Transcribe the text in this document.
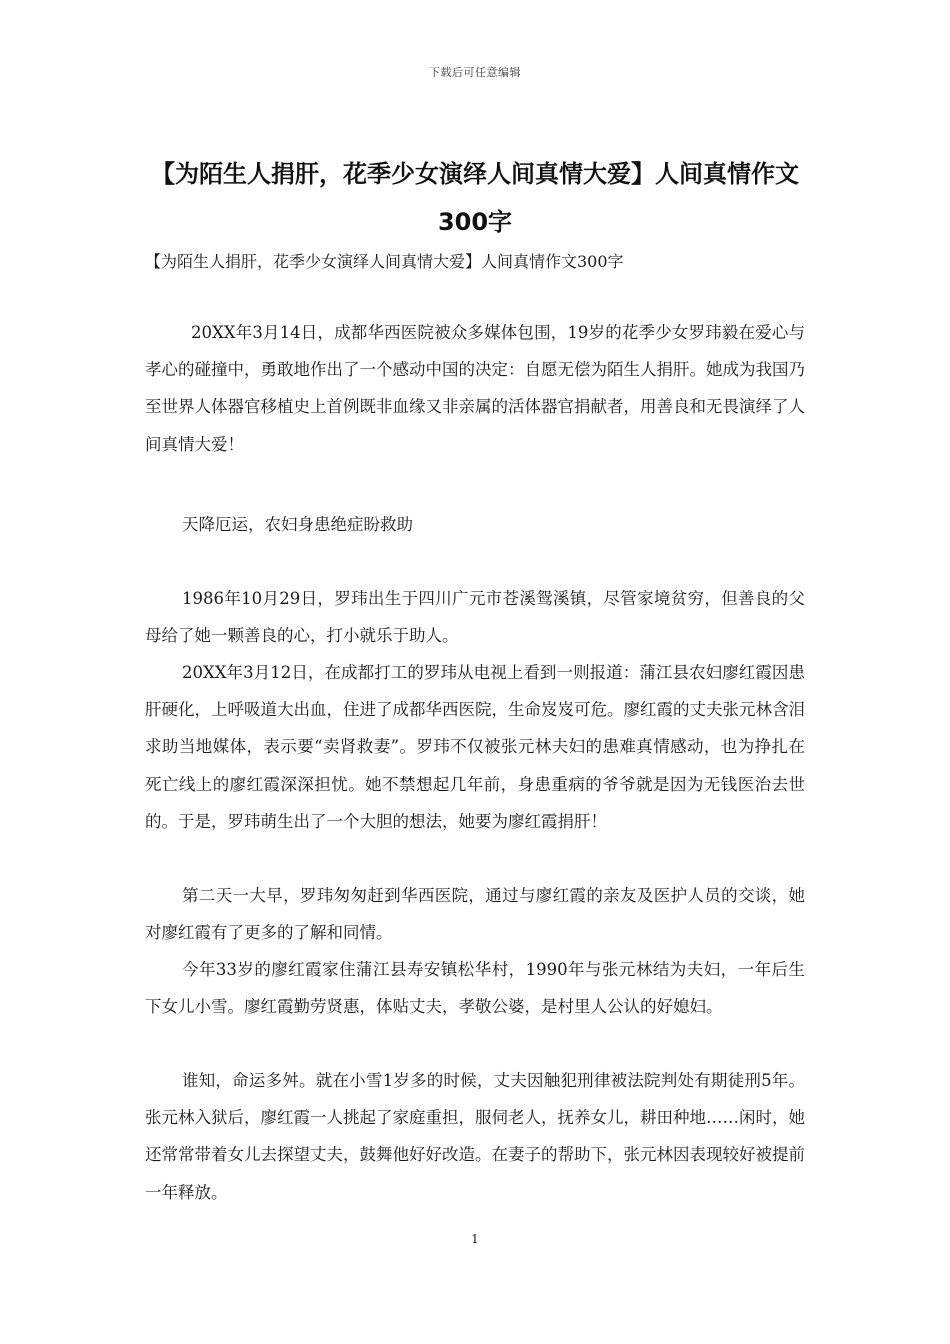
下载后可任意编辑
【为陌生人捐肝，花季少女演绎人间真情大爱】人间真情作文300字

【为陌生人捐肝，花季少女演绎人间真情大爱】人间真情作文300字

20XX年3月14日，成都华西医院被众多媒体包围，19岁的花季少女罗玮毅在爱心与孝心的碰撞中，勇敢地作出了一个感动中国的决定：自愿无偿为陌生人捐肝。她成为我国乃至世界人体器官移植史上首例既非血缘又非亲属的活体器官捐献者，用善良和无畏演绎了人间真情大爱！

天降厄运，农妇身患绝症盼救助

1986年10月29日，罗玮出生于四川广元市苍溪鸳溪镇，尽管家境贫穷，但善良的父母给了她一颗善良的心，打小就乐于助人。

20XX年3月12日，在成都打工的罗玮从电视上看到一则报道：蒲江县农妇廖红霞因患肝硬化，上呼吸道大出血，住进了成都华西医院，生命岌岌可危。廖红霞的丈夫张元林含泪求助当地媒体，表示要“卖肾救妻”。罗玮不仅被张元林夫妇的患难真情感动，也为挣扎在死亡线上的廖红霞深深担忧。她不禁想起几年前，身患重病的爷爷就是因为无钱医治去世的。于是，罗玮萌生出了一个大胆的想法，她要为廖红霞捐肝！

第二天一大早，罗玮匆匆赶到华西医院，通过与廖红霞的亲友及医护人员的交谈，她对廖红霞有了更多的了解和同情。

今年33岁的廖红霞家住蒲江县寿安镇松华村，1990年与张元林结为夫妇，一年后生下女儿小雪。廖红霞勤劳贤惠，体贴丈夫，孝敬公婆，是村里人公认的好媳妇。

谁知，命运多舛。就在小雪1岁多的时候，丈夫因触犯刑律被法院判处有期徒刑5年。张元林入狱后，廖红霞一人挑起了家庭重担，服伺老人，抚养女儿，耕田种地……闲时，她还常常带着女儿去探望丈夫，鼓舞他好好改造。在妻子的帮助下，张元林因表现较好被提前一年释放。

1
